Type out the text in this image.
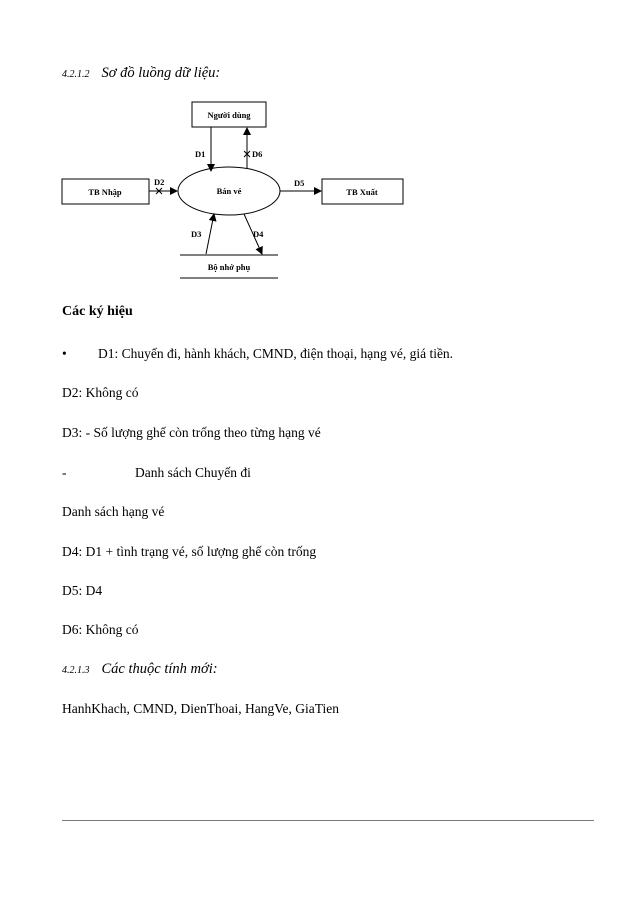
4.2.1.2 Sơ đồ luồng dữ liệu:
Người dùng
Bán vé
TB Nhập	TB Xuất
Bộ nhớ phụ
D1	D6
D2	D5
D3	D4
Các ký hiệu
• D1: Chuyến đi, hành khách, CMND, điện thoại, hạng vé, giá tiền.
D2: Không có
D3: - Số lượng ghế còn trống theo từng hạng vé
-	Danh sách Chuyến đi
Danh sách hạng vé
D4: D1 + tình trạng vé, số lượng ghế còn trống
D5: D4
D6: Không có
4.2.1.3 Các thuộc tính mới:
HanhKhach, CMND, DienThoai, HangVe, GiaTien
